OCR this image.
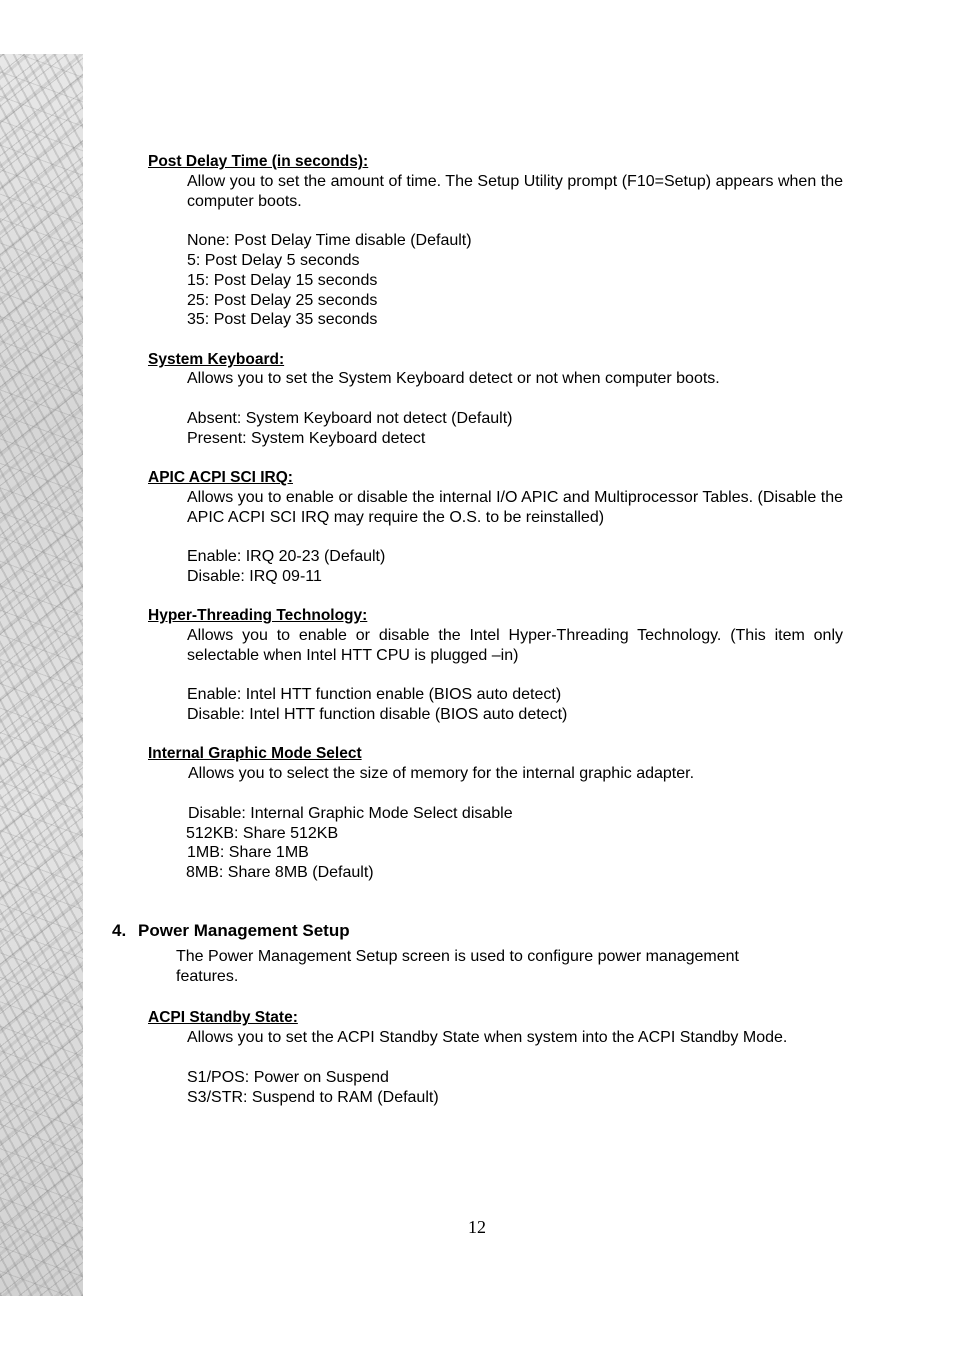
Post Delay Time (in seconds):
Allow you to set the amount of time. The Setup Utility prompt (F10=Setup) appears when the computer boots.
None: Post Delay Time disable (Default)
5: Post Delay 5 seconds
15: Post Delay 15 seconds
25: Post Delay 25 seconds
35: Post Delay 35 seconds
System Keyboard:
Allows you to set the System Keyboard detect or not when computer boots.
Absent: System Keyboard not detect (Default)
Present: System Keyboard detect
APIC ACPI SCI IRQ:
Allows you to enable or disable the internal I/O APIC and Multiprocessor Tables. (Disable the APIC ACPI SCI IRQ may require the O.S. to be reinstalled)
Enable: IRQ 20-23 (Default)
Disable: IRQ 09-11
Hyper-Threading Technology:
Allows you to enable or disable the Intel Hyper-Threading Technology. (This item only selectable when Intel HTT CPU is plugged –in)
Enable: Intel HTT function enable (BIOS auto detect)
Disable: Intel HTT function disable (BIOS auto detect)
Internal Graphic Mode Select
Allows you to select the size of memory for the internal graphic adapter.
Disable: Internal Graphic Mode Select disable
512KB: Share 512KB
1MB: Share 1MB
8MB: Share 8MB (Default)
4. Power Management Setup
The Power Management Setup screen is used to configure power management
features.
ACPI Standby State:
Allows you to set the ACPI Standby State when system into the ACPI Standby Mode.
S1/POS: Power on Suspend
S3/STR: Suspend to RAM (Default)
12
